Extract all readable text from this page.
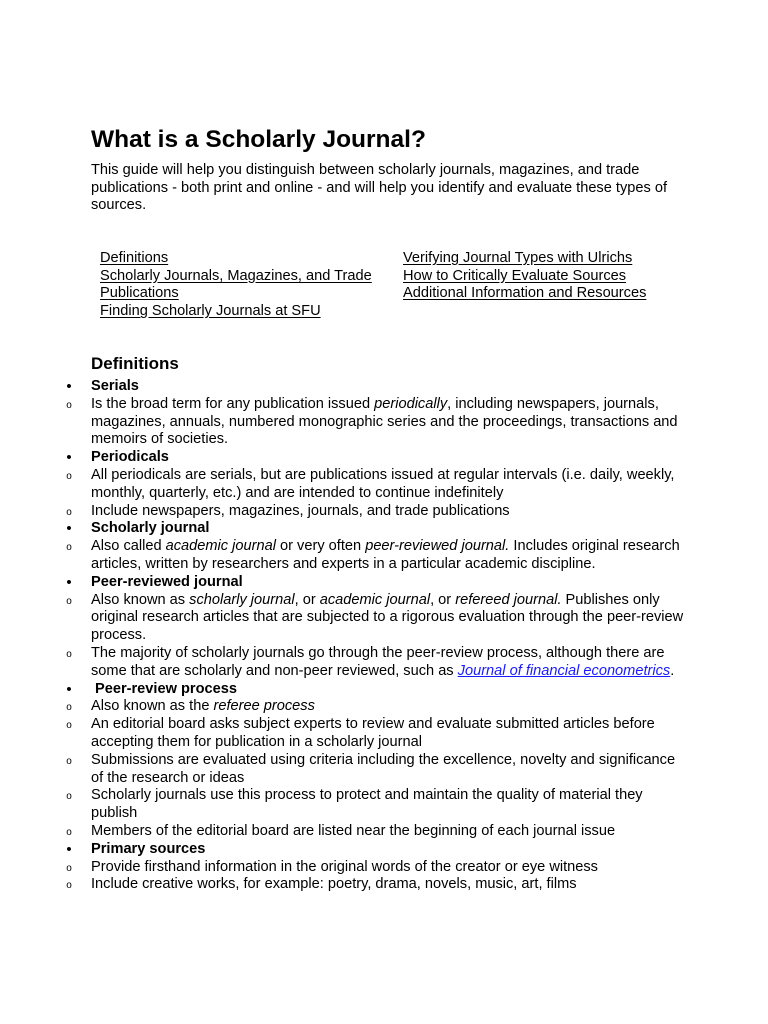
What is a Scholarly Journal?

This guide will help you distinguish between scholarly journals, magazines, and trade publications - both print and online - and will help you identify and evaluate these types of sources.

Definitions
Scholarly Journals, Magazines, and Trade Publications
Finding Scholarly Journals at SFU
Verifying Journal Types with Ulrichs
How to Critically Evaluate Sources
Additional Information and Resources
Definitions
• Serials
o Is the broad term for any publication issued periodically, including newspapers, journals, magazines, annuals, numbered monographic series and the proceedings, transactions and memoirs of societies.
• Periodicals
o All periodicals are serials, but are publications issued at regular intervals (i.e. daily, weekly, monthly, quarterly, etc.) and are intended to continue indefinitely
o Include newspapers, magazines, journals, and trade publications
• Scholarly journal
o Also called academic journal or very often peer-reviewed journal. Includes original research articles, written by researchers and experts in a particular academic discipline.
• Peer-reviewed journal
o Also known as scholarly journal, or academic journal, or refereed journal. Publishes only original research articles that are subjected to a rigorous evaluation through the peer-review process.
o The majority of scholarly journals go through the peer-review process, although there are some that are scholarly and non-peer reviewed, such as Journal of financial econometrics.
• Peer-review process
o Also known as the referee process
o An editorial board asks subject experts to review and evaluate submitted articles before accepting them for publication in a scholarly journal
o Submissions are evaluated using criteria including the excellence, novelty and significance of the research or ideas
o Scholarly journals use this process to protect and maintain the quality of material they publish
o Members of the editorial board are listed near the beginning of each journal issue
• Primary sources
o Provide firsthand information in the original words of the creator or eye witness
o Include creative works, for example: poetry, drama, novels, music, art, films
